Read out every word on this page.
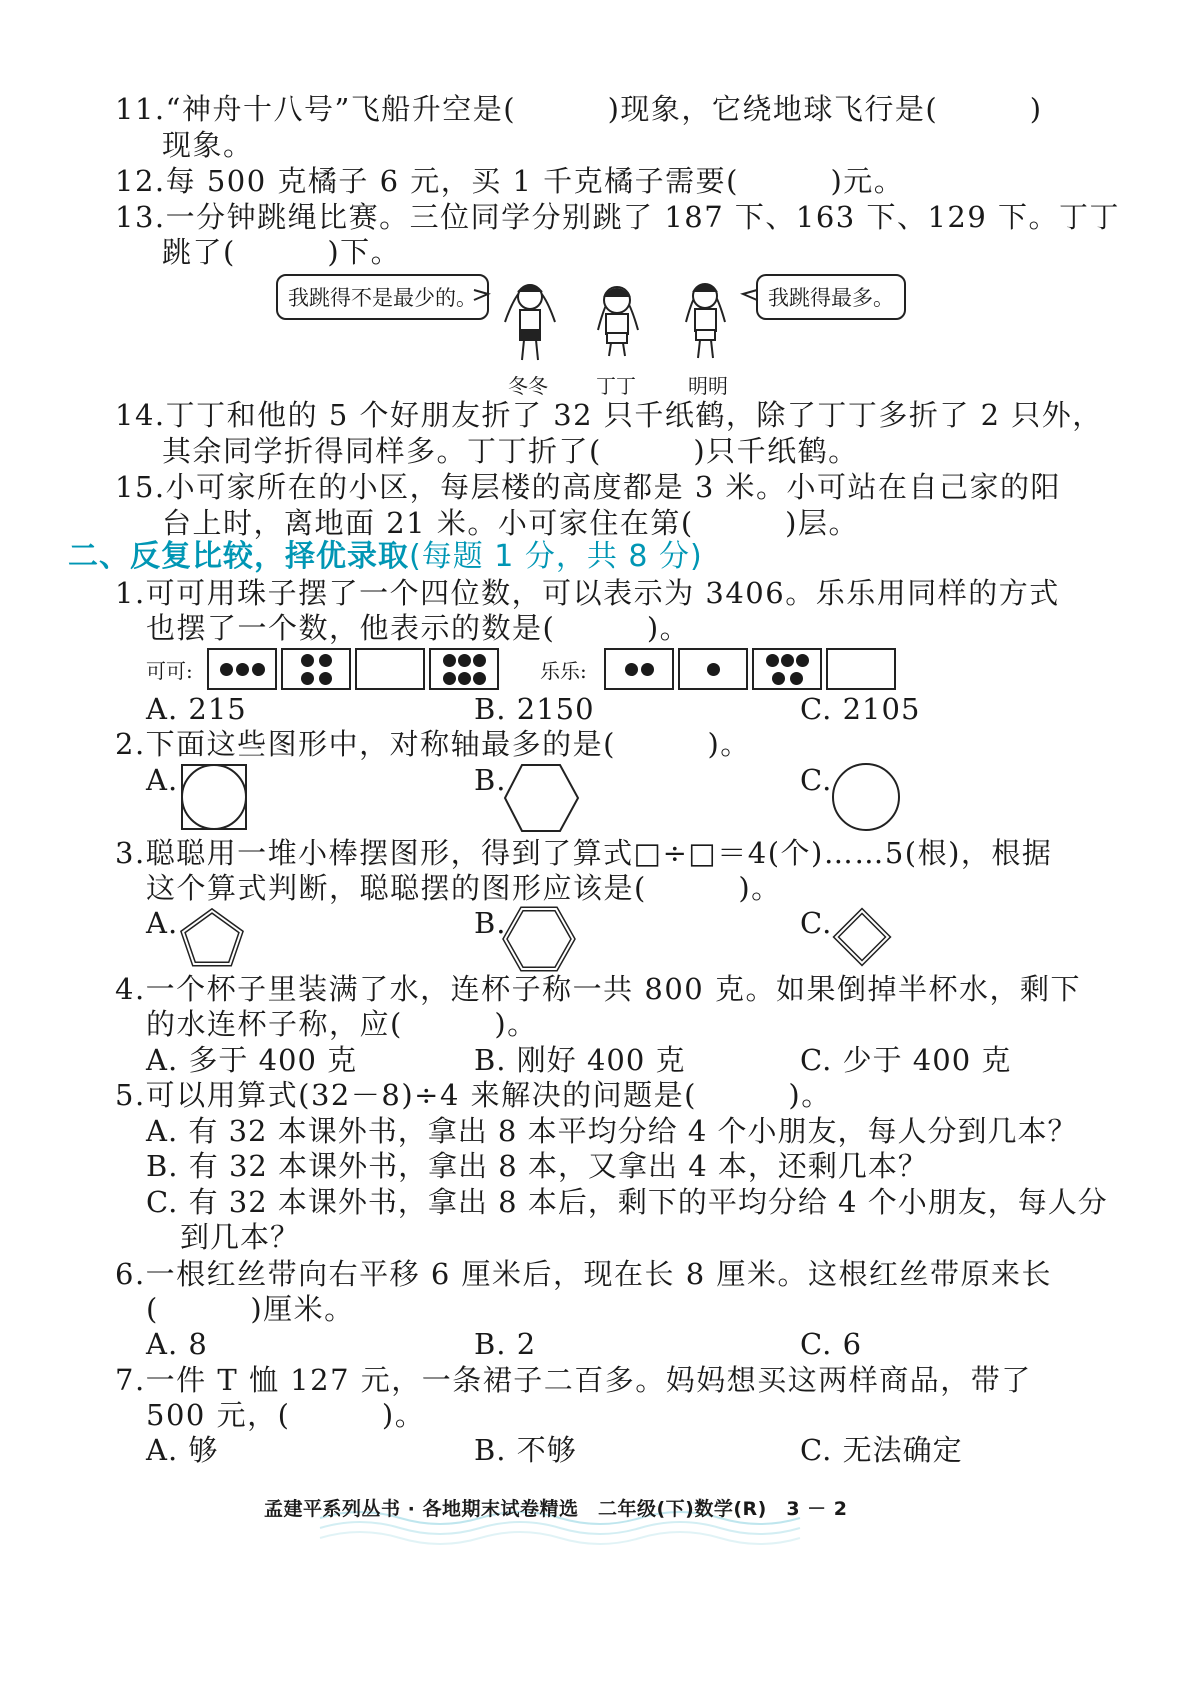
11.“神舟十八号”飞船升空是(　　　)现象，它绕地球飞行是(　　　)
现象。
12.每 500 克橘子 6 元，买 1 千克橘子需要(　　　)元。
13.一分钟跳绳比赛。三位同学分别跳了 187 下、163 下、129 下。丁丁
跳了(　　　)下。
我跳得不是最少的。	我跳得最多。
冬冬 丁丁	明明
14.丁丁和他的 5 个好朋友折了 32 只千纸鹤，除了丁丁多折了 2 只外，
其余同学折得同样多。丁丁折了(　　　)只千纸鹤。
15.小可家所在的小区，每层楼的高度都是 3 米。小可站在自己家的阳
台上时，离地面 21 米。小可家住在第(　　　)层。
二、反复比较，择优录取(每题 1 分，共 8 分)
1.可可用珠子摆了一个四位数，可以表示为 3406。乐乐用同样的方式
也摆了一个数，他表示的数是(　　　)。
可可:	乐乐:
A. 215	B. 2150	C. 2105
2.下面这些图形中，对称轴最多的是(　　　)。
A.	B.	C.
3.聪聪用一堆小棒摆图形，得到了算式□÷□＝4(个)……5(根)，根据
这个算式判断，聪聪摆的图形应该是(　　　)。
A.	B.	C.
4.一个杯子里装满了水，连杯子称一共 800 克。如果倒掉半杯水，剩下
的水连杯子称，应(　　　)。
A. 多于 400 克	B. 刚好 400 克	C. 少于 400 克
5.可以用算式(32－8)÷4 来解决的问题是(　　　)。
A. 有 32 本课外书，拿出 8 本平均分给 4 个小朋友，每人分到几本？
B. 有 32 本课外书，拿出 8 本，又拿出 4 本，还剩几本？
C. 有 32 本课外书，拿出 8 本后，剩下的平均分给 4 个小朋友，每人分
到几本？
6.一根红丝带向右平移 6 厘米后，现在长 8 厘米。这根红丝带原来长
(　　　)厘米。
A. 8	B. 2	C. 6
7.一件 T 恤 127 元，一条裙子二百多。妈妈想买这两样商品，带了
500 元，(　　　)。
A. 够	B. 不够	C. 无法确定
孟建平系列丛书 · 各地期末试卷精选　二年级(下)数学(R)　3 － 2
